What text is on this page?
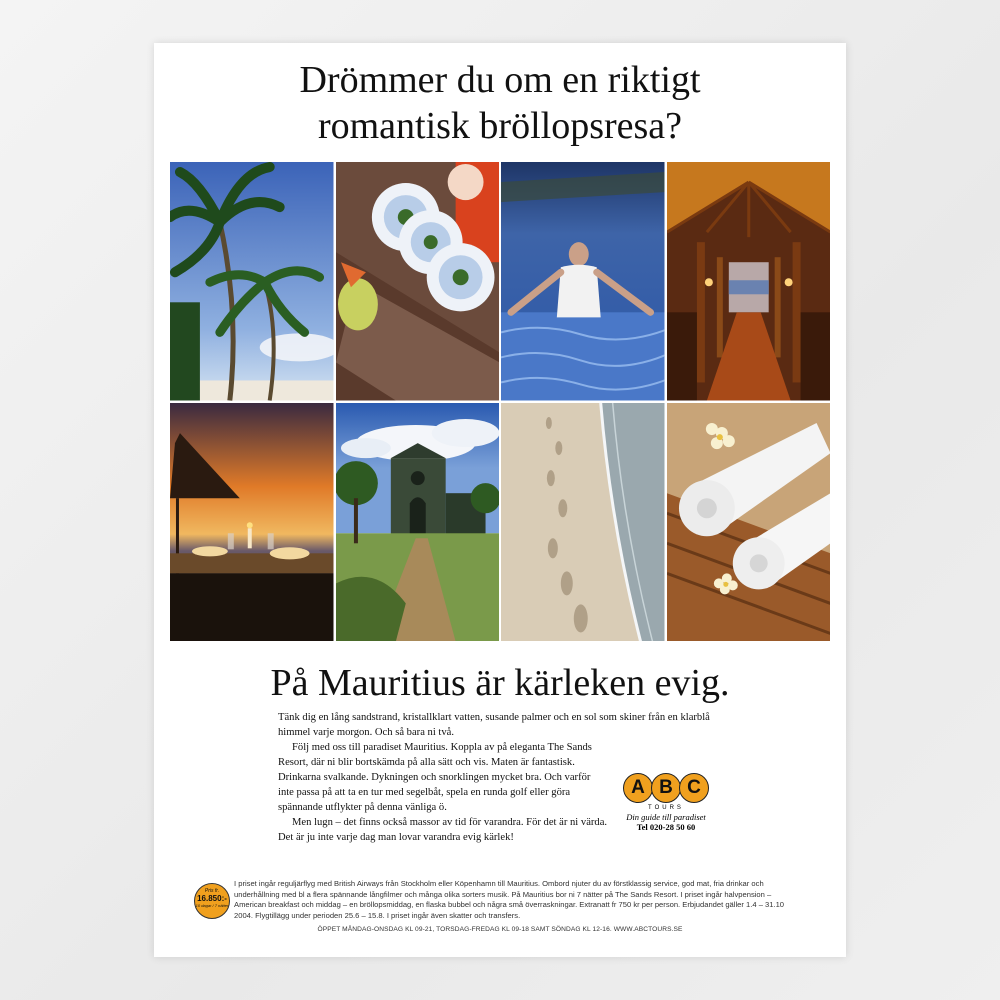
Drömmer du om en riktigt
romantisk bröllopsresa?
På Mauritius är kärleken evig.

Tänk dig en lång sandstrand, kristallklart vatten, susande palmer och en sol som skiner från en klarblå himmel varje morgon. Och så bara ni två.

Följ med oss till paradiset Mauritius. Koppla av på eleganta The Sands Resort, där ni blir bortskämda på alla sätt och vis. Maten är fantastisk. Drinkarna svalkande. Dykningen och snorklingen mycket bra. Och varför inte passa på att ta en tur med segelbåt, spela en runda golf eller göra spännande utflykter på denna vänliga ö.

Men lugn – det finns också massor av tid för varandra. För det är ni värda. Det är ju inte varje dag man lovar varandra evig kärlek!

A B C
TOURS
Din guide till paradiset
Tel 020-28 50 60
Pris fr.
16.850:-
10 dagar / 7 nätter
I priset ingår reguljärflyg med British Airways från Stockholm eller Köpenhamn till Mauritius. Ombord njuter du av förstklassig service, god mat, fria drinkar och underhållning med bl a flera spännande långfilmer och många olika sorters musik. På Mauritius bor ni 7 nätter på The Sands Resort. I priset ingår halvpension – American breakfast och middag – en bröllopsmiddag, en flaska bubbel och några små överraskningar. Extranatt fr 750 kr per person. Erbjudandet gäller 1.4 – 31.10 2004. Flygtillägg under perioden 25.6 – 15.8. I priset ingår även skatter och transfers.
ÖPPET MÅNDAG-ONSDAG KL 09-21, TORSDAG-FREDAG KL 09-18 SAMT SÖNDAG KL 12-16. WWW.ABCTOURS.SE
